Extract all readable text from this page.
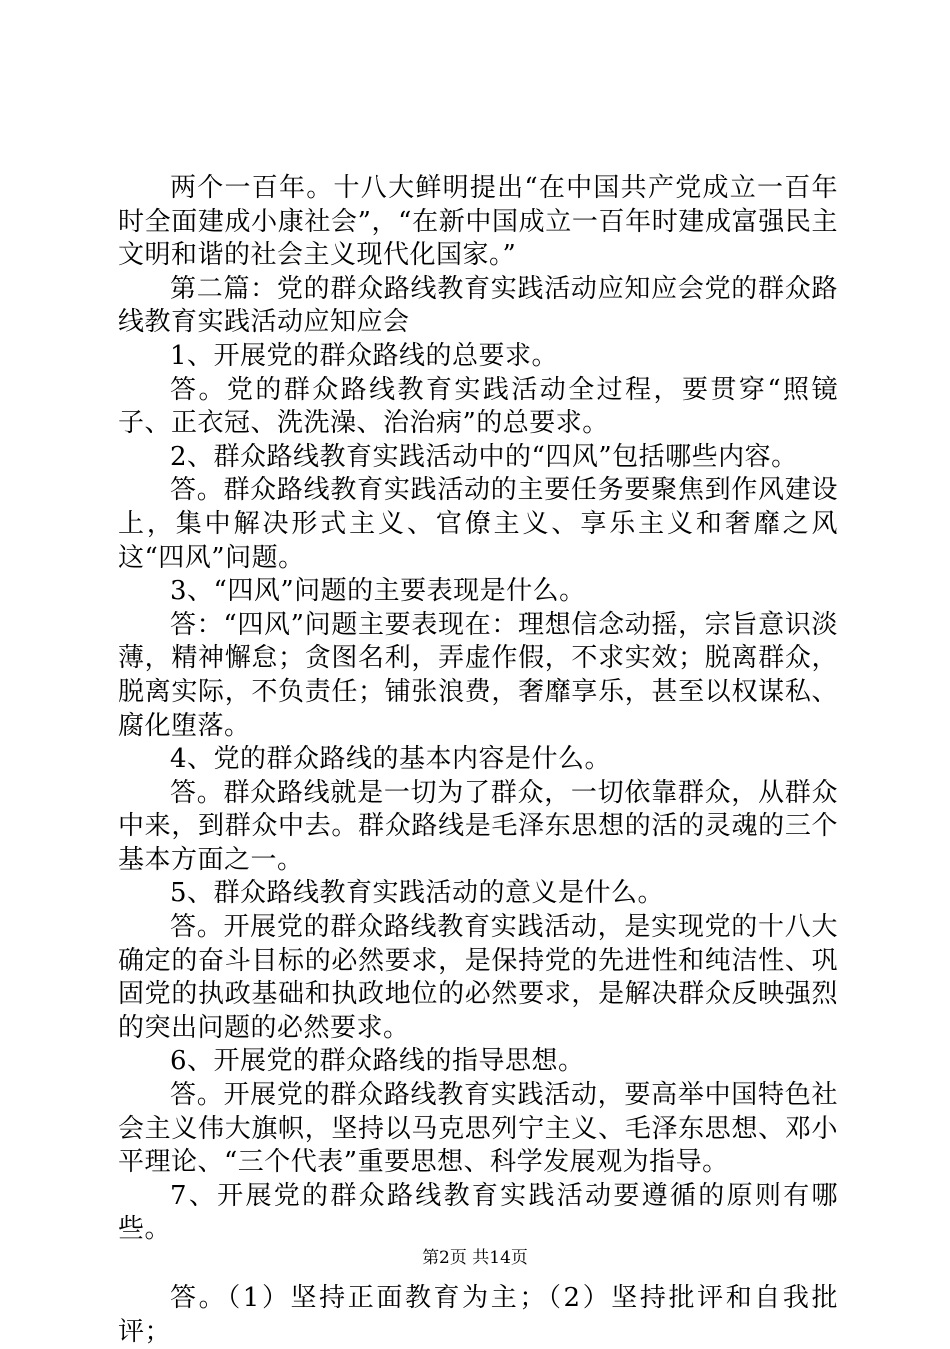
两个一百年。十八大鲜明提出“在中国共产党成立一百年时全面建成小康社会”，“在新中国成立一百年时建成富强民主文明和谐的社会主义现代化国家。”

第二篇：党的群众路线教育实践活动应知应会党的群众路线教育实践活动应知应会

1、开展党的群众路线的总要求。

答。党的群众路线教育实践活动全过程，要贯穿“照镜子、正衣冠、洗洗澡、治治病”的总要求。

2、群众路线教育实践活动中的“四风”包括哪些内容。

答。群众路线教育实践活动的主要任务要聚焦到作风建设上，集中解决形式主义、官僚主义、享乐主义和奢靡之风这“四风”问题。

3、“四风”问题的主要表现是什么。

答：“四风”问题主要表现在：理想信念动摇，宗旨意识淡薄，精神懈怠；贪图名利，弄虚作假，不求实效；脱离群众，脱离实际，不负责任；铺张浪费，奢靡享乐，甚至以权谋私、腐化堕落。

4、党的群众路线的基本内容是什么。

答。群众路线就是一切为了群众，一切依靠群众，从群众中来，到群众中去。群众路线是毛泽东思想的活的灵魂的三个基本方面之一。

5、群众路线教育实践活动的意义是什么。

答。开展党的群众路线教育实践活动，是实现党的十八大确定的奋斗目标的必然要求，是保持党的先进性和纯洁性、巩固党的执政基础和执政地位的必然要求，是解决群众反映强烈的突出问题的必然要求。

6、开展党的群众路线的指导思想。

答。开展党的群众路线教育实践活动，要高举中国特色社会主义伟大旗帜，坚持以马克思列宁主义、毛泽东思想、邓小平理论、“三个代表”重要思想、科学发展观为指导。

7、开展党的群众路线教育实践活动要遵循的原则有哪些。

答。（1）坚持正面教育为主；（2）坚持批评和自我批评；

第2页 共14页
